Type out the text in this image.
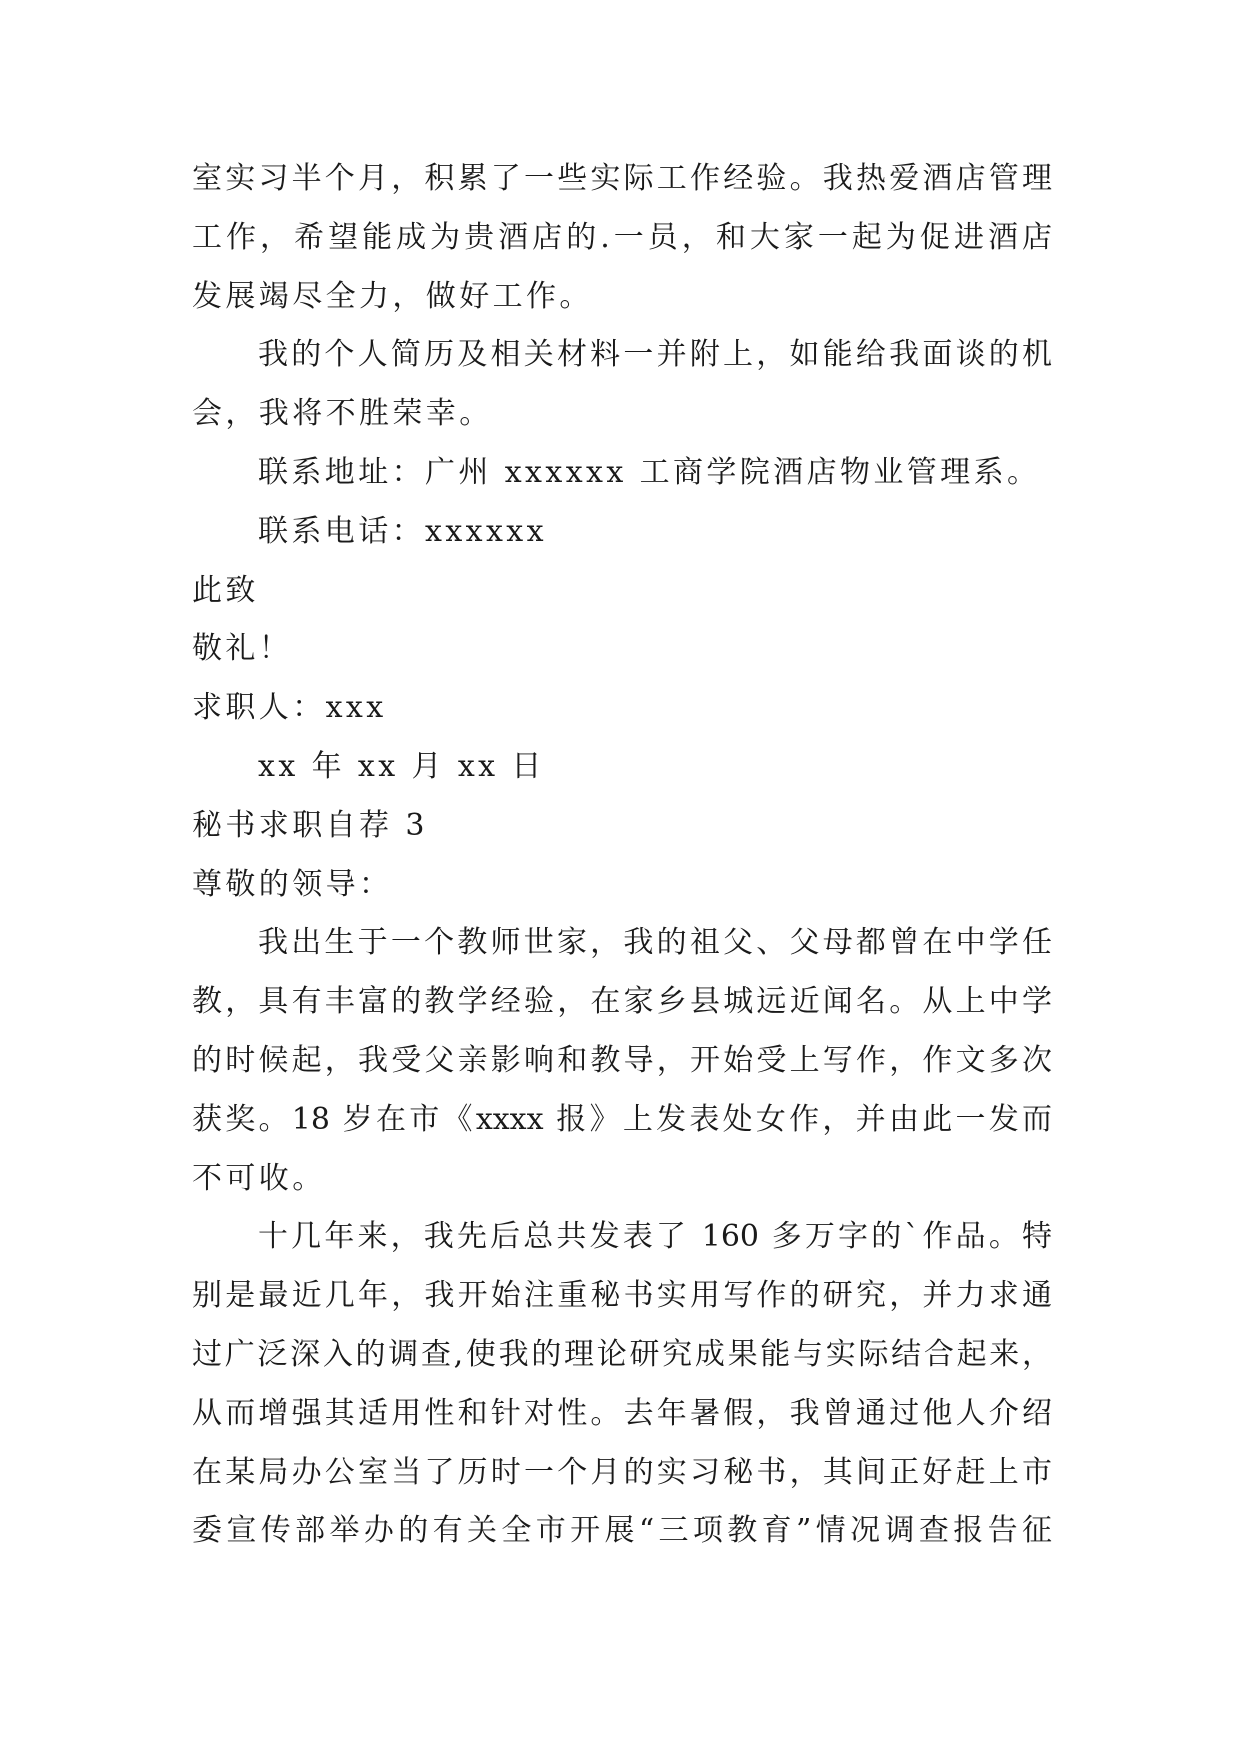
室实习半个月，积累了一些实际工作经验。我热爱酒店管理
工作，希望能成为贵酒店的.一员，和大家一起为促进酒店
发展竭尽全力，做好工作。
我的个人简历及相关材料一并附上，如能给我面谈的机
会，我将不胜荣幸。
联系地址：广州 xxxxxx 工商学院酒店物业管理系。
联系电话：xxxxxx
此致
敬礼！
求职人：xxx
xx 年 xx 月 xx 日
秘书求职自荐 3
尊敬的领导：
我出生于一个教师世家，我的祖父、父母都曾在中学任
教，具有丰富的教学经验，在家乡县城远近闻名。从上中学
的时候起，我受父亲影响和教导，开始受上写作，作文多次
获奖。18 岁在市《xxxx 报》上发表处女作，并由此一发而
不可收。
十几年来，我先后总共发表了 160 多万字的`作品。特
别是最近几年，我开始注重秘书实用写作的研究，并力求通
过广泛深入的调查,使我的理论研究成果能与实际结合起来，
从而增强其适用性和针对性。去年暑假，我曾通过他人介绍
在某局办公室当了历时一个月的实习秘书，其间正好赶上市
委宣传部举办的有关全市开展“三项教育”情况调查报告征
